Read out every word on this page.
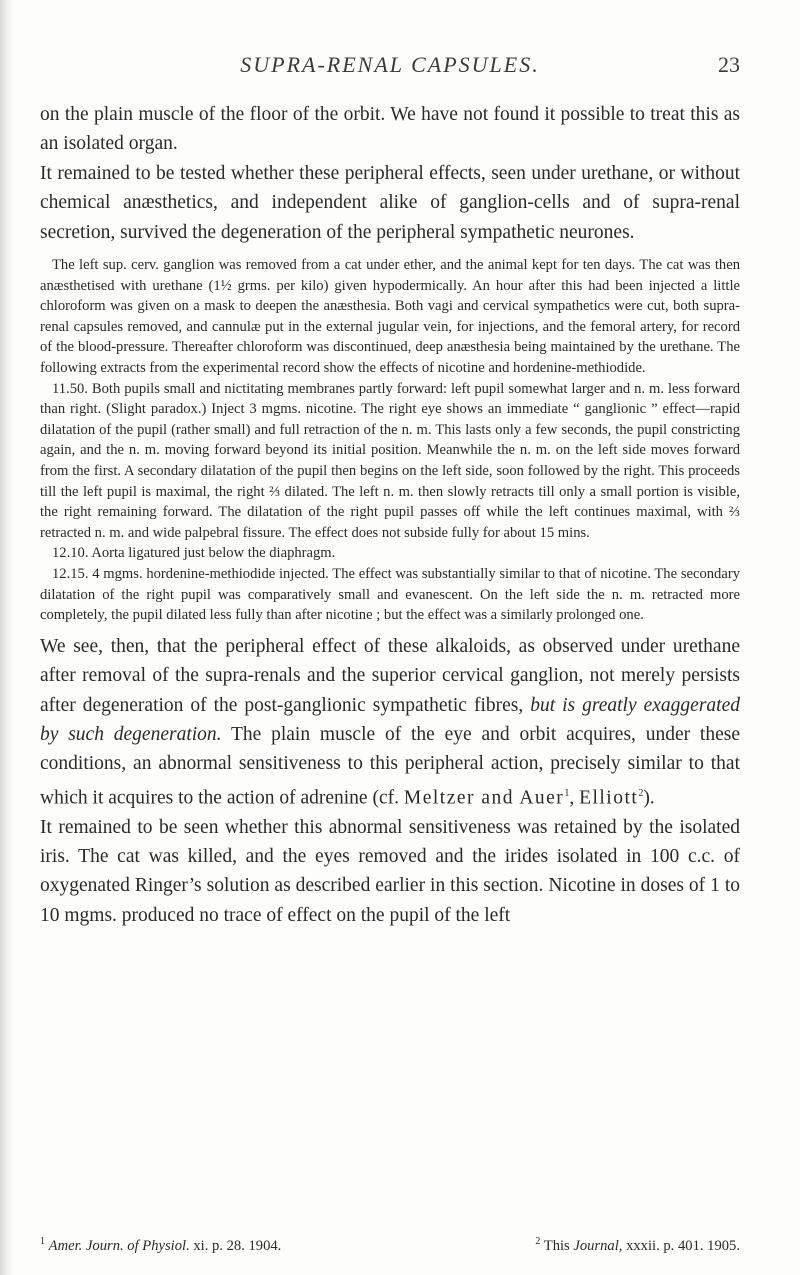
SUPRA-RENAL CAPSULES.	23

on the plain muscle of the floor of the orbit. We have not found it possible to treat this as an isolated organ.

It remained to be tested whether these peripheral effects, seen under urethane, or without chemical anæsthetics, and independent alike of ganglion-cells and of supra-renal secretion, survived the degeneration of the peripheral sympathetic neurones.

The left sup. cerv. ganglion was removed from a cat under ether, and the animal kept for ten days. The cat was then anæsthetised with urethane (1½ grms. per kilo) given hypodermically. An hour after this had been injected a little chloroform was given on a mask to deepen the anæsthesia. Both vagi and cervical sympathetics were cut, both supra-renal capsules removed, and cannulæ put in the external jugular vein, for injections, and the femoral artery, for record of the blood-pressure. Thereafter chloroform was discontinued, deep anæsthesia being maintained by the urethane. The following extracts from the experimental record show the effects of nicotine and hordenine-methiodide.

11.50. Both pupils small and nictitating membranes partly forward: left pupil somewhat larger and n. m. less forward than right. (Slight paradox.) Inject 3 mgms. nicotine. The right eye shows an immediate “ ganglionic ” effect—rapid dilatation of the pupil (rather small) and full retraction of the n. m. This lasts only a few seconds, the pupil constricting again, and the n. m. moving forward beyond its initial position. Meanwhile the n. m. on the left side moves forward from the first. A secondary dilatation of the pupil then begins on the left side, soon followed by the right. This proceeds till the left pupil is maximal, the right ⅔ dilated. The left n. m. then slowly retracts till only a small portion is visible, the right remaining forward. The dilatation of the right pupil passes off while the left continues maximal, with ⅔ retracted n. m. and wide palpebral fissure. The effect does not subside fully for about 15 mins.

12.10. Aorta ligatured just below the diaphragm.

12.15. 4 mgms. hordenine-methiodide injected. The effect was substantially similar to that of nicotine. The secondary dilatation of the right pupil was comparatively small and evanescent. On the left side the n. m. retracted more completely, the pupil dilated less fully than after nicotine ; but the effect was a similarly prolonged one.

We see, then, that the peripheral effect of these alkaloids, as observed under urethane after removal of the supra-renals and the superior cervical ganglion, not merely persists after degeneration of the post-ganglionic sympathetic fibres, but is greatly exaggerated by such degeneration. The plain muscle of the eye and orbit acquires, under these conditions, an abnormal sensitiveness to this peripheral action, precisely similar to that which it acquires to the action of adrenine (cf. Meltzer and Auer$^1$, Elliott$^2$).

It remained to be seen whether this abnormal sensitiveness was retained by the isolated iris. The cat was killed, and the eyes removed and the irides isolated in 100 c.c. of oxygenated Ringer’s solution as described earlier in this section. Nicotine in doses of 1 to 10 mgms. produced no trace of effect on the pupil of the left

$^1$ Amer. Journ. of Physiol. xi. p. 28. 1904.	$^2$ This Journal, xxxii. p. 401. 1905.
